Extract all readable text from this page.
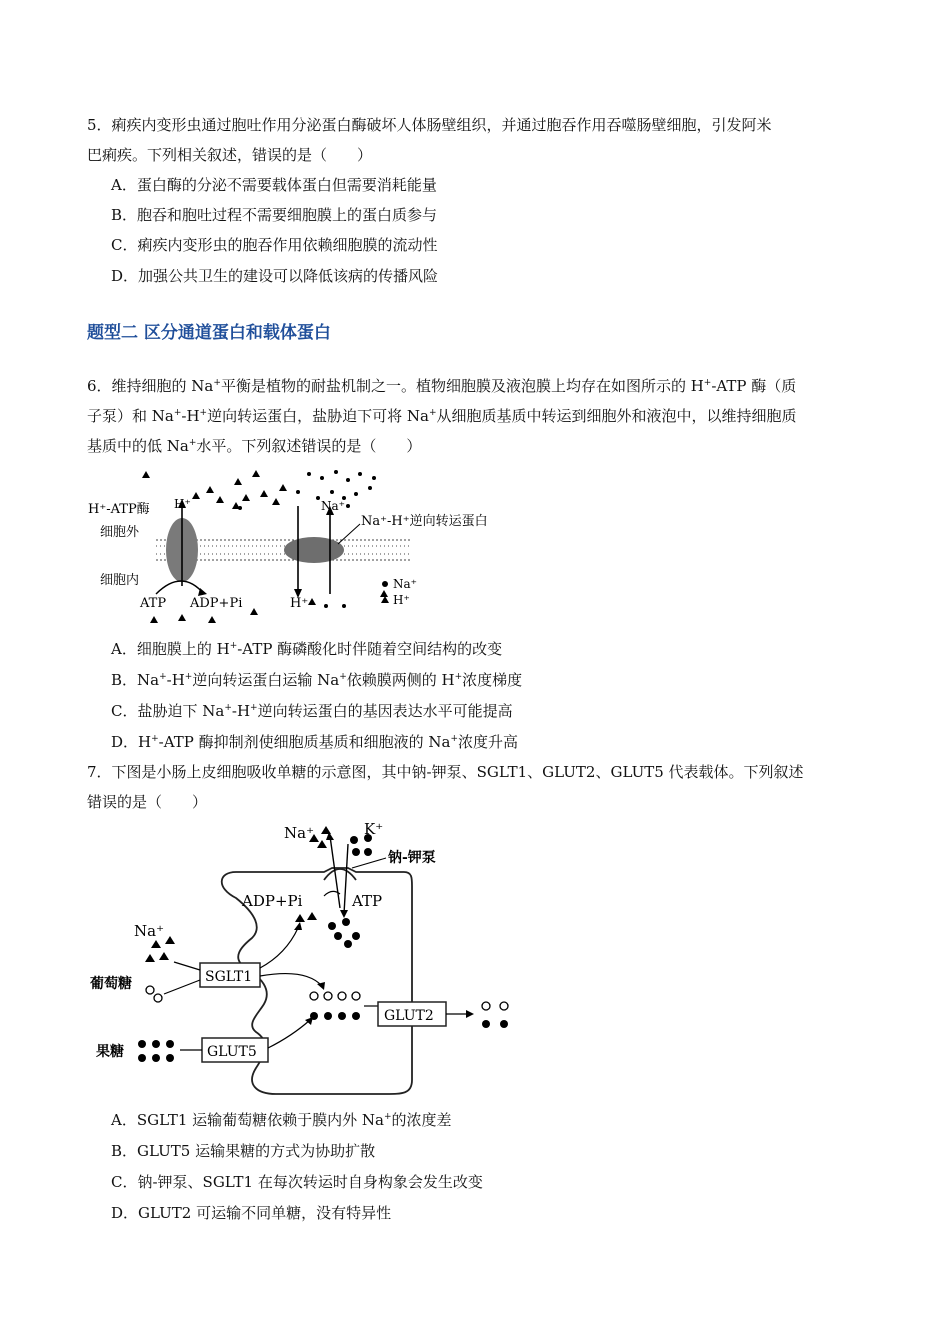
5．痢疾内变形虫通过胞吐作用分泌蛋白酶破坏人体肠壁组织，并通过胞吞作用吞噬肠壁细胞，引发阿米
巴痢疾。下列相关叙述，错误的是（　　）
A．蛋白酶的分泌不需要载体蛋白但需要消耗能量
B．胞吞和胞吐过程不需要细胞膜上的蛋白质参与
C．痢疾内变形虫的胞吞作用依赖细胞膜的流动性
D．加强公共卫生的建设可以降低该病的传播风险
题型二 区分通道蛋白和载体蛋白
6．维持细胞的 Na+平衡是植物的耐盐机制之一。植物细胞膜及液泡膜上均存在如图所示的 H+-ATP 酶（质
子泵）和 Na+-H+逆向转运蛋白，盐胁迫下可将 Na+从细胞质基质中转运到细胞外和液泡中，以维持细胞质
基质中的低 Na+水平。下列叙述错误的是（　　）
H⁺-ATP酶
细胞外
细胞内
H⁺	Na⁺
Na⁺-H⁺逆向转运蛋白
ATP ADP+Pi	H⁺
Na⁺
H⁺
A．细胞膜上的 H+-ATP 酶磷酸化时伴随着空间结构的改变
B．Na+-H+逆向转运蛋白运输 Na+依赖膜两侧的 H+浓度梯度
C．盐胁迫下 Na+-H+逆向转运蛋白的基因表达水平可能提高
D．H+-ATP 酶抑制剂使细胞质基质和细胞液的 Na+浓度升高
7．下图是小肠上皮细胞吸收单糖的示意图，其中钠-钾泵、SGLT1、GLUT2、GLUT5 代表载体。下列叙述
错误的是（　　）
SGLT1
GLUT5
GLUT2
Na⁺	K⁺
钠-钾泵
ADP+Pi	ATP
Na⁺
葡萄糖
果糖
A．SGLT1 运输葡萄糖依赖于膜内外 Na+的浓度差
B．GLUT5 运输果糖的方式为协助扩散
C．钠-钾泵、SGLT1 在每次转运时自身构象会发生改变
D．GLUT2 可运输不同单糖，没有特异性
